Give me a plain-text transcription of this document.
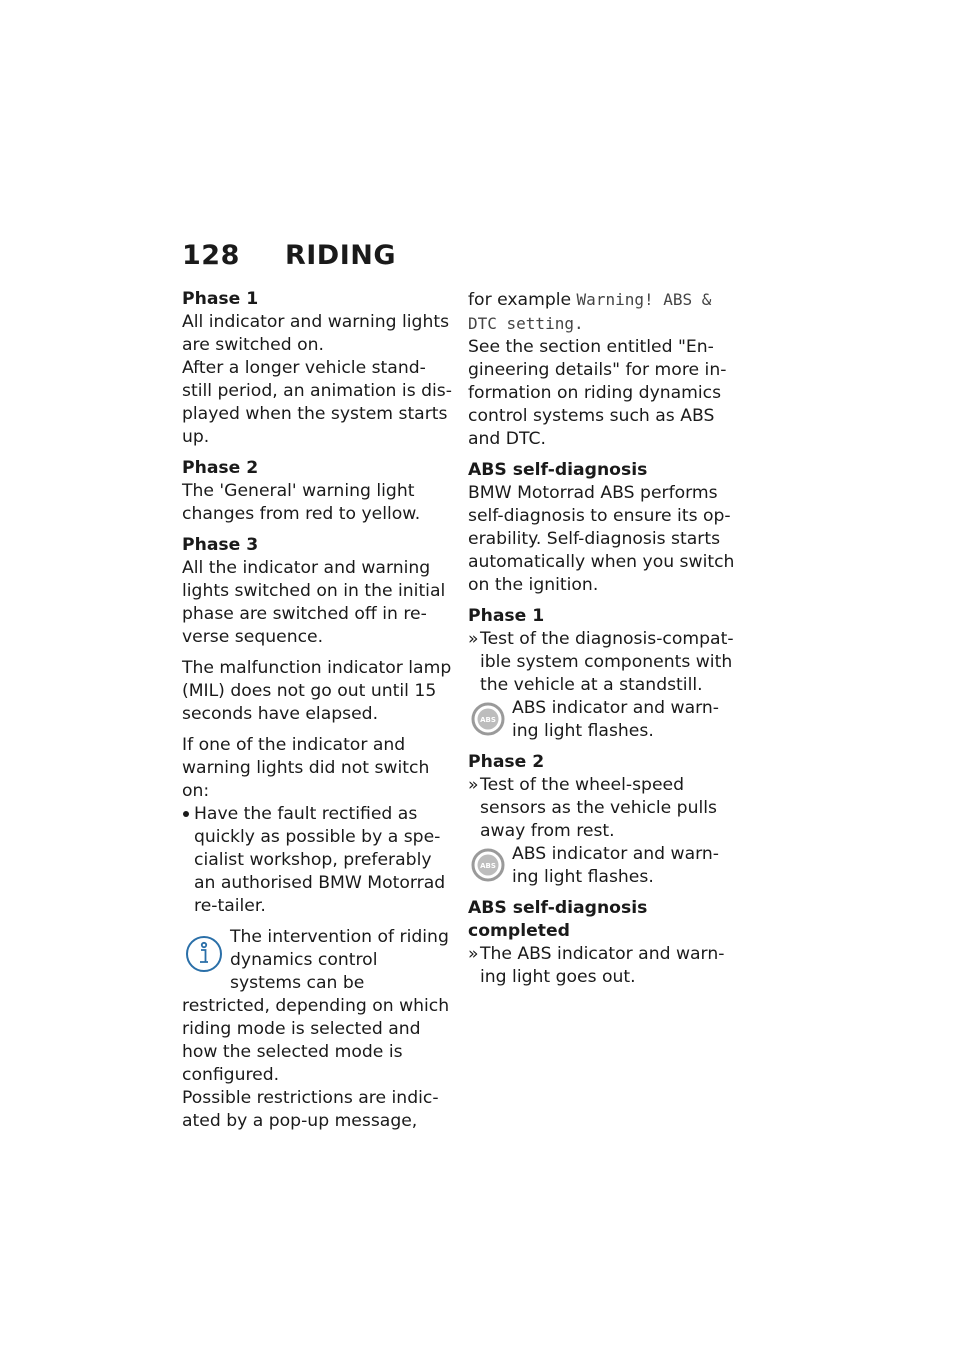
128 RIDING

Phase 1

All indicator and warning lights are switched on.

After a longer vehicle stand-still period, an animation is dis-played when the system starts up.

Phase 2

The 'General' warning light changes from red to yellow.

Phase 3

All the indicator and warning lights switched on in the initial phase are switched off in re-verse sequence.

The malfunction indicator lamp (MIL) does not go out until 15 seconds have elapsed.

If one of the indicator and warning lights did not switch on:

Have the fault rectified as quickly as possible by a spe-cialist workshop, preferably an authorised BMW Motorrad re-tailer.
The intervention of riding dynamics control systems can be restricted, depending on which riding mode is selected and how the selected mode is configured.

Possible restrictions are indic-ated by a pop-up message,

for example Warning! ABS & DTC setting.

See the section entitled "En-gineering details" for more in-formation on riding dynamics control systems such as ABS and DTC.

ABS self-diagnosis

BMW Motorrad ABS performs self-diagnosis to ensure its op-erability. Self-diagnosis starts automatically when you switch on the ignition.

Phase 1

» Test of the diagnosis-compat-ible system components with the vehicle at a standstill.
ABS
ABS indicator and warn-ing light flashes.

Phase 2

» Test of the wheel-speed sensors as the vehicle pulls away from rest.
ABS
ABS indicator and warn-ing light flashes.

ABS self-diagnosis completed

» The ABS indicator and warn-ing light goes out.
